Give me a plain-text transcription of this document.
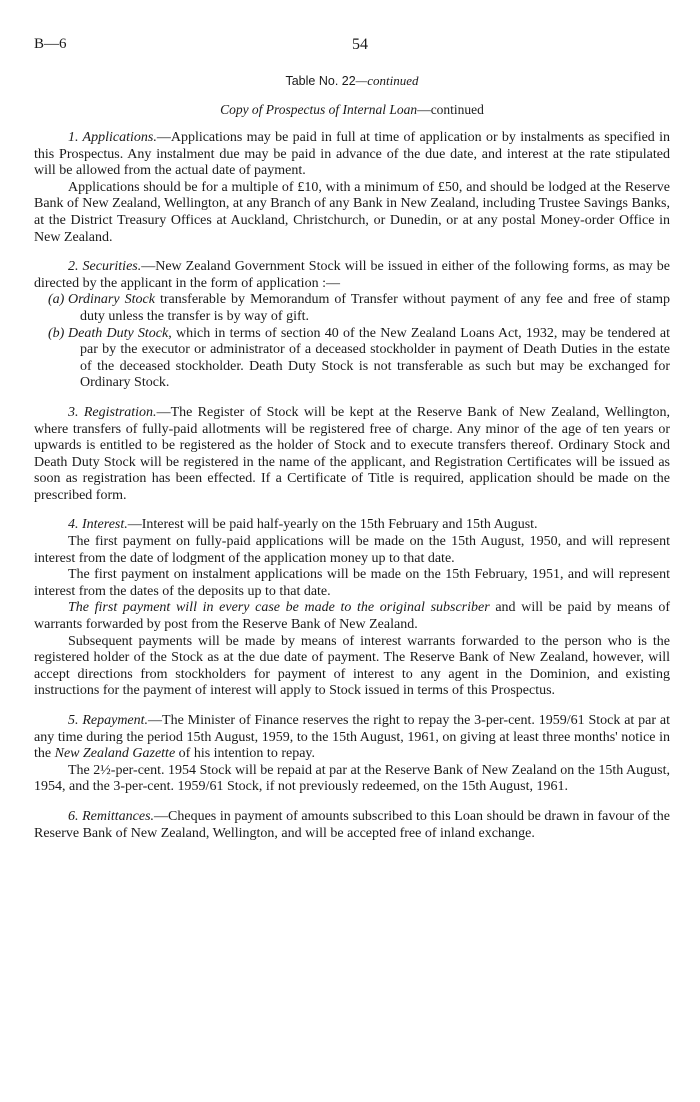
B—6	54
Table No. 22—continued
Copy of Prospectus of Internal Loan—continued

1. Applications.—Applications may be paid in full at time of application or by instalments as specified in this Prospectus. Any instalment due may be paid in advance of the due date, and interest at the rate stipulated will be allowed from the actual date of payment.

Applications should be for a multiple of £10, with a minimum of £50, and should be lodged at the Reserve Bank of New Zealand, Wellington, at any Branch of any Bank in New Zealand, including Trustee Savings Banks, at the District Treasury Offices at Auckland, Christchurch, or Dunedin, or at any postal Money-order Office in New Zealand.

2. Securities.—New Zealand Government Stock will be issued in either of the following forms, as may be directed by the applicant in the form of application :—

(a) Ordinary Stock transferable by Memorandum of Transfer without payment of any fee and free of stamp duty unless the transfer is by way of gift.
(b) Death Duty Stock, which in terms of section 40 of the New Zealand Loans Act, 1932, may be tendered at par by the executor or administrator of a deceased stockholder in payment of Death Duties in the estate of the deceased stockholder. Death Duty Stock is not transferable as such but may be exchanged for Ordinary Stock.

3. Registration.—The Register of Stock will be kept at the Reserve Bank of New Zealand, Wellington, where transfers of fully-paid allotments will be registered free of charge. Any minor of the age of ten years or upwards is entitled to be registered as the holder of Stock and to execute transfers thereof. Ordinary Stock and Death Duty Stock will be registered in the name of the applicant, and Registration Certificates will be issued as soon as registration has been effected. If a Certificate of Title is required, application should be made on the prescribed form.

4. Interest.—Interest will be paid half-yearly on the 15th February and 15th August.

The first payment on fully-paid applications will be made on the 15th August, 1950, and will represent interest from the date of lodgment of the application money up to that date.

The first payment on instalment applications will be made on the 15th February, 1951, and will represent interest from the dates of the deposits up to that date.

The first payment will in every case be made to the original subscriber and will be paid by means of warrants forwarded by post from the Reserve Bank of New Zealand.

Subsequent payments will be made by means of interest warrants forwarded to the person who is the registered holder of the Stock as at the due date of payment. The Reserve Bank of New Zealand, however, will accept directions from stockholders for payment of interest to any agent in the Dominion, and existing instructions for the payment of interest will apply to Stock issued in terms of this Prospectus.

5. Repayment.—The Minister of Finance reserves the right to repay the 3-per-cent. 1959/61 Stock at par at any time during the period 15th August, 1959, to the 15th August, 1961, on giving at least three months' notice in the New Zealand Gazette of his intention to repay.

The 2½-per-cent. 1954 Stock will be repaid at par at the Reserve Bank of New Zealand on the 15th August, 1954, and the 3-per-cent. 1959/61 Stock, if not previously redeemed, on the 15th August, 1961.

6. Remittances.—Cheques in payment of amounts subscribed to this Loan should be drawn in favour of the Reserve Bank of New Zealand, Wellington, and will be accepted free of inland exchange.
